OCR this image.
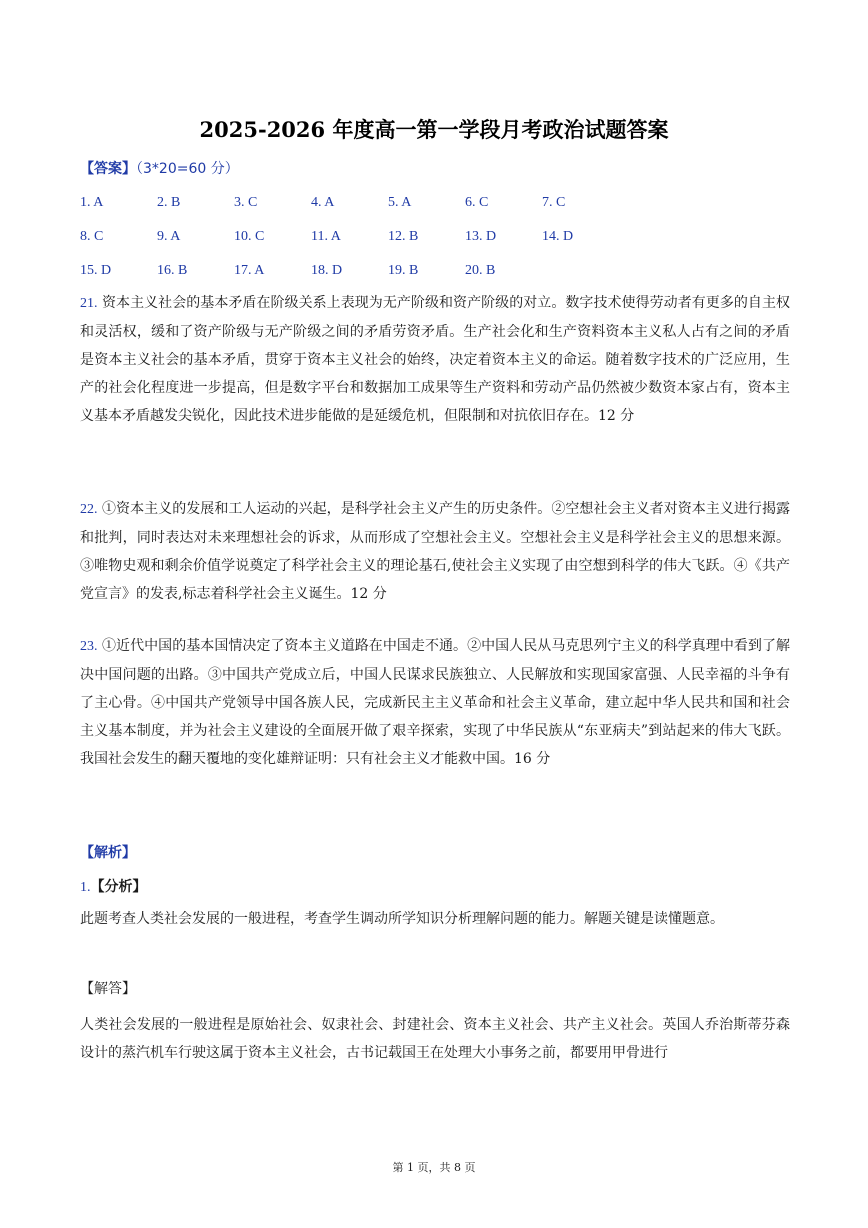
2025-2026 年度高一第一学段月考政治试题答案
【答案】（3*20=60 分）
1. A	2. B	3. C	4. A	5. A	6. C	7. C
8. C	9. A	10. C	11. A	12. B	13. D	14. D
15. D	16. B	17. A	18. D	19. B	20. B

21. 资本主义社会的基本矛盾在阶级关系上表现为无产阶级和资产阶级的对立。数字技术使得劳动者有更多的自主权和灵活权，缓和了资产阶级与无产阶级之间的矛盾劳资矛盾。生产社会化和生产资料资本主义私人占有之间的矛盾是资本主义社会的基本矛盾，贯穿于资本主义社会的始终，决定着资本主义的命运。随着数字技术的广泛应用，生产的社会化程度进一步提高，但是数字平台和数据加工成果等生产资料和劳动产品仍然被少数资本家占有，资本主义基本矛盾越发尖锐化，因此技术进步能做的是延缓危机，但限制和对抗依旧存在。12 分

22. ①资本主义的发展和工人运动的兴起，是科学社会主义产生的历史条件。②空想社会主义者对资本主义进行揭露和批判，同时表达对未来理想社会的诉求，从而形成了空想社会主义。空想社会主义是科学社会主义的思想来源。③唯物史观和剩余价值学说奠定了科学社会主义的理论基石,使社会主义实现了由空想到科学的伟大飞跃。④《共产党宣言》的发表,标志着科学社会主义诞生。12 分

23. ①近代中国的基本国情决定了资本主义道路在中国走不通。②中国人民从马克思列宁主义的科学真理中看到了解决中国问题的出路。③中国共产党成立后，中国人民谋求民族独立、人民解放和实现国家富强、人民幸福的斗争有了主心骨。④中国共产党领导中国各族人民，完成新民主主义革命和社会主义革命，建立起中华人民共和国和社会主义基本制度，并为社会主义建设的全面展开做了艰辛探索，实现了中华民族从“东亚病夫”到站起来的伟大飞跃。我国社会发生的翻天覆地的变化雄辩证明：只有社会主义才能救中国。16 分

【解析】
1.【分析】

此题考查人类社会发展的一般进程，考查学生调动所学知识分析理解问题的能力。解题关键是读懂题意。

【解答】

人类社会发展的一般进程是原始社会、奴隶社会、封建社会、资本主义社会、共产主义社会。英国人乔治斯蒂芬森设计的蒸汽机车行驶这属于资本主义社会，古书记载国王在处理大小事务之前，都要用甲骨进行

第 1 页，共 8 页
